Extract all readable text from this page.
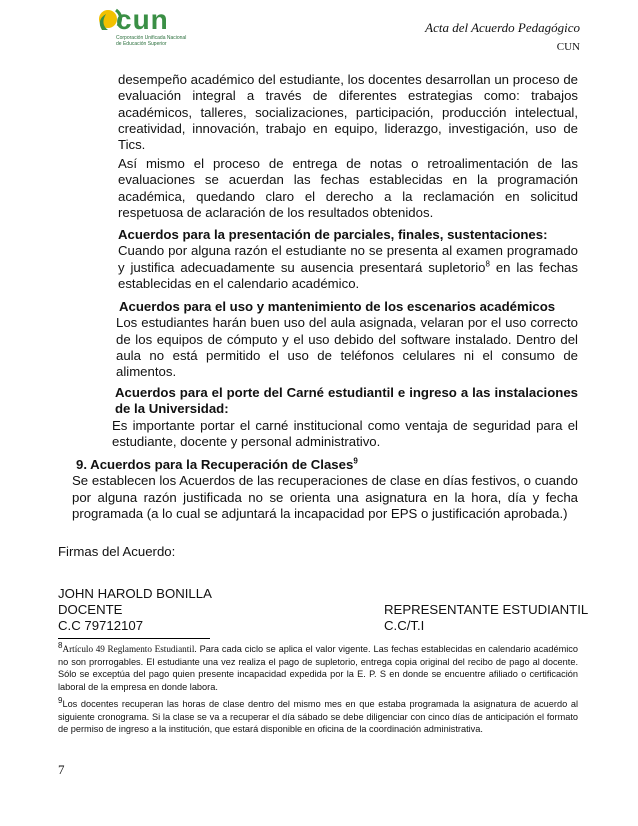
cun
Corporación Unificada Nacional
de Educación Superior
Acta del Acuerdo Pedagógico
CUN

desempeño académico del estudiante, los docentes desarrollan un proceso de evaluación integral a través de diferentes estrategias como: trabajos académicos, talleres, socializaciones, participación, producción intelectual, creatividad, innovación, trabajo en equipo, liderazgo, investigación, uso de Tics.

Así mismo el proceso de entrega de notas o retroalimentación de las evaluaciones se acuerdan las fechas establecidas en la programación académica, quedando claro el derecho a la reclamación en solicitud respetuosa de aclaración de los resultados obtenidos.

Acuerdos para la presentación de parciales, finales, sustentaciones:

Cuando por alguna razón el estudiante no se presenta al examen programado y justifica adecuadamente su ausencia presentará supletorio$^8$ en las fechas establecidas en el calendario académico.

Acuerdos para el uso y mantenimiento de los escenarios académicos

Los estudiantes harán buen uso del aula asignada, velaran por el uso correcto de los equipos de cómputo y el uso debido del software instalado. Dentro del aula no está permitido el uso de teléfonos celulares ni el consumo de alimentos.

Acuerdos para el porte del Carné estudiantil e ingreso a las instalaciones de la Universidad:

Es importante portar el carné institucional como ventaja de seguridad para el estudiante, docente y personal administrativo.

9. Acuerdos para la Recuperación de Clases$^9$

Se establecen los Acuerdos de las recuperaciones de clase en días festivos, o cuando por alguna razón justificada no se orienta una asignatura en la hora, día y fecha programada (a lo cual se adjuntará la incapacidad por EPS o justificación aprobada.)

Firmas del Acuerdo:
JOHN HAROLD BONILLA
DOCENTE	REPRESENTANTE ESTUDIANTIL
C.C 79712107	C.C/T.I
8Artículo 49 Reglamento Estudiantil. Para cada ciclo se aplica el valor vigente. Las fechas establecidas en calendario académico no son prorrogables. El estudiante una vez realiza el pago de supletorio, entrega copia original del recibo de pago al docente. Sólo se exceptúa del pago quien presente incapacidad expedida por la E. P. S en donde se encuentre afiliado o certificación laboral de la empresa en donde labora.
9Los docentes recuperan las horas de clase dentro del mismo mes en que estaba programada la asignatura de acuerdo al siguiente cronograma. Si la clase se va a recuperar el día sábado se debe diligenciar con cinco días de anticipación el formato de permiso de ingreso a la institución, que estará disponible en oficina de la coordinación administrativa.
7
